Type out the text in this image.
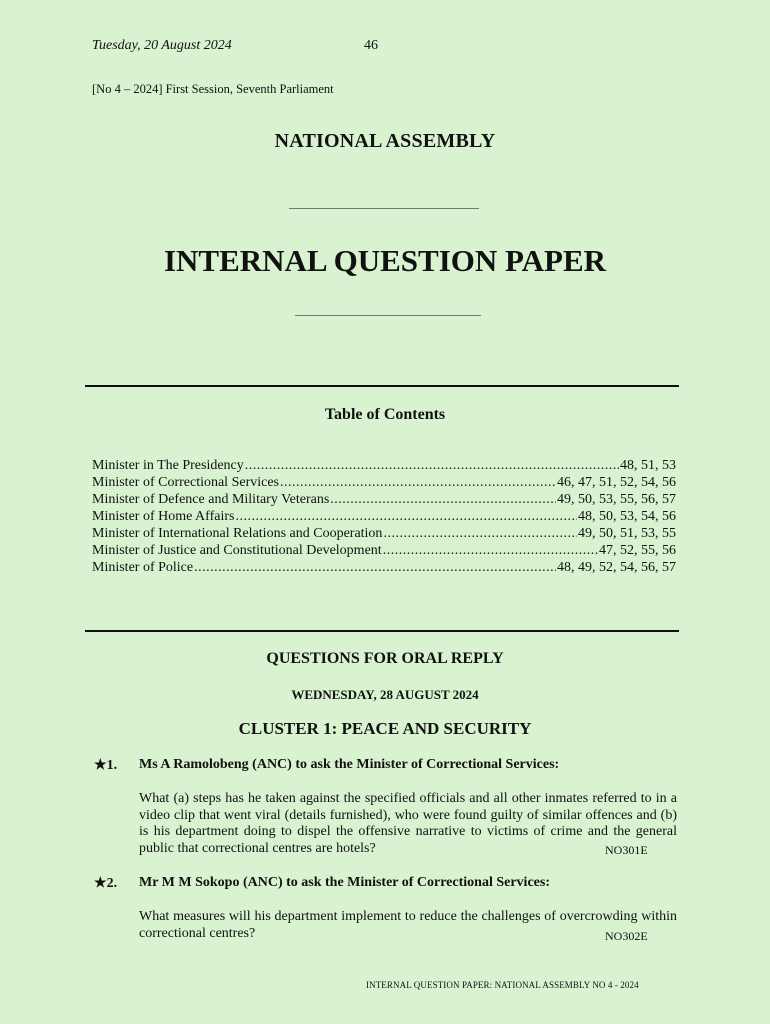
Tuesday, 20 August 2024	46
[No 4 – 2024] First Session, Seventh Parliament
NATIONAL ASSEMBLY
INTERNAL QUESTION PAPER
Table of Contents
Minister in The Presidency .....	48, 51, 53
Minister of Correctional Services .....	46, 47, 51, 52, 54, 56
Minister of Defence and Military Veterans .....	49, 50, 53, 55, 56, 57
Minister of Home Affairs .....	48, 50, 53, 54, 56
Minister of International Relations and Cooperation .....	49, 50, 51, 53, 55
Minister of Justice and Constitutional Development .....	47, 52, 55, 56
Minister of Police .....	48, 49, 52, 54, 56, 57
QUESTIONS FOR ORAL REPLY
WEDNESDAY, 28 AUGUST 2024
CLUSTER 1: PEACE AND SECURITY
★1. Ms A Ramolobeng (ANC) to ask the Minister of Correctional Services:
What (a) steps has he taken against the specified officials and all other inmates referred to in a video clip that went viral (details furnished), who were found guilty of similar offences and (b) is his department doing to dispel the offensive narrative to victims of crime and the general public that correctional centres are hotels?	NO301E
★2. Mr M M Sokopo (ANC) to ask the Minister of Correctional Services:
What measures will his department implement to reduce the challenges of overcrowding within correctional centres?	NO302E
INTERNAL QUESTION PAPER: NATIONAL ASSEMBLY NO 4 - 2024
